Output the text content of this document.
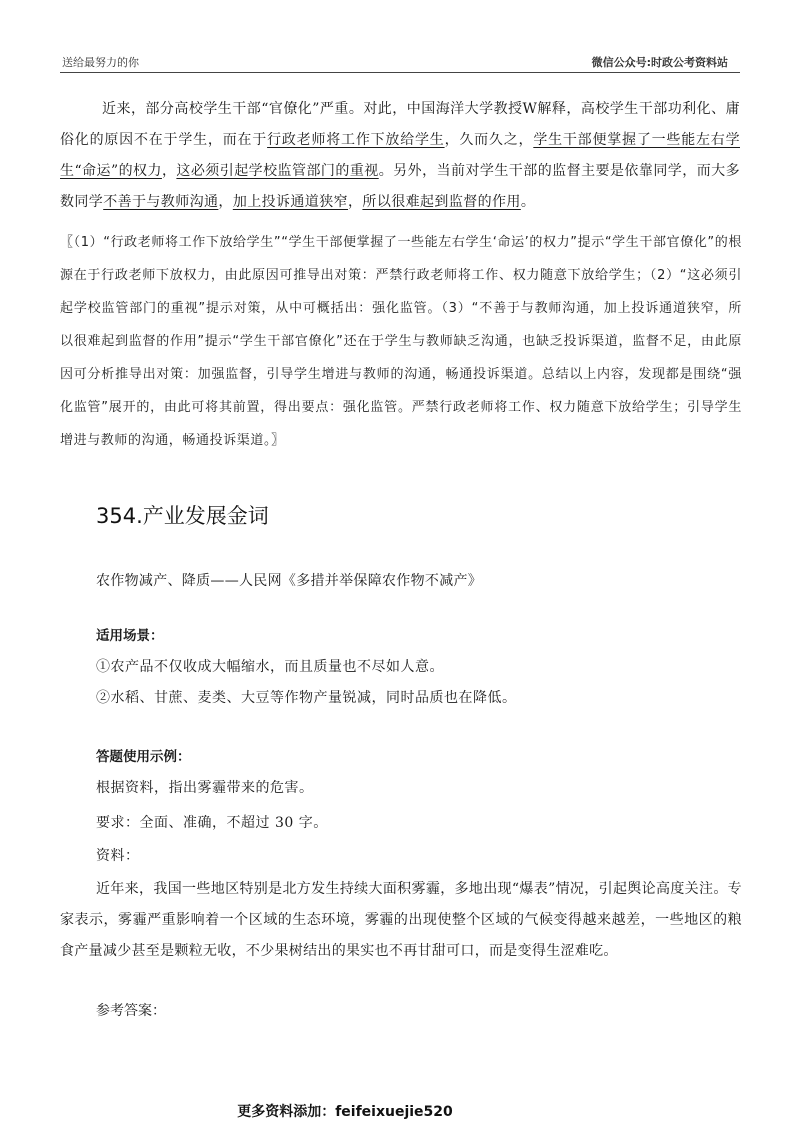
送给最努力的你	微信公众号:时政公考资料站
近来，部分高校学生干部“官僚化”严重。对此，中国海洋大学教授W解释，高校学生干部功利化、庸俗化的原因不在于学生，而在于行政老师将工作下放给学生，久而久之，学生干部便掌握了一些能左右学生“命运”的权力，这必须引起学校监管部门的重视。另外，当前对学生干部的监督主要是依靠同学，而大多数同学不善于与教师沟通，加上投诉通道狭窄，所以很难起到监督的作用。
〖（1）“行政老师将工作下放给学生”“学生干部便掌握了一些能左右学生‘命运’的权力”提示“学生干部官僚化”的根源在于行政老师下放权力，由此原因可推导出对策：严禁行政老师将工作、权力随意下放给学生；（2）“这必须引起学校监管部门的重视”提示对策，从中可概括出：强化监管。（3）“不善于与教师沟通，加上投诉通道狭窄，所以很难起到监督的作用”提示“学生干部官僚化”还在于学生与教师缺乏沟通，也缺乏投诉渠道，监督不足，由此原因可分析推导出对策：加强监督，引导学生增进与教师的沟通，畅通投诉渠道。总结以上内容，发现都是围绕“强化监管”展开的，由此可将其前置，得出要点：强化监管。严禁行政老师将工作、权力随意下放给学生；引导学生增进与教师的沟通，畅通投诉渠道。〗
354.产业发展金词
农作物减产、降质——人民网《多措并举保障农作物不减产》
适用场景：
①农产品不仅收成大幅缩水，而且质量也不尽如人意。
②水稻、甘蔗、麦类、大豆等作物产量锐减，同时品质也在降低。
答题使用示例：
根据资料，指出雾霾带来的危害。
要求：全面、准确，不超过 30 字。
资料：
近年来，我国一些地区特别是北方发生持续大面积雾霾，多地出现“爆表”情况，引起舆论高度关注。专家表示，雾霾严重影响着一个区域的生态环境，雾霾的出现使整个区域的气候变得越来越差，一些地区的粮食产量减少甚至是颗粒无收，不少果树结出的果实也不再甘甜可口，而是变得生涩难吃。
参考答案：
更多资料添加：feifeixuejie520
